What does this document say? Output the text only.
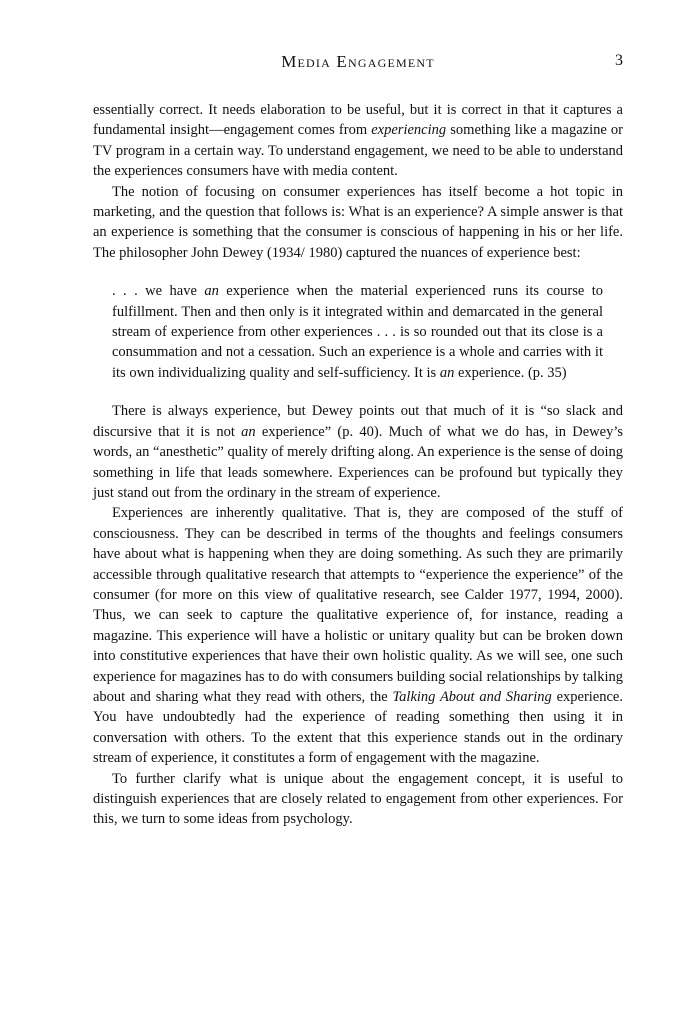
Media Engagement	3

essentially correct. It needs elaboration to be useful, but it is correct in that it captures a fundamental insight—engagement comes from experiencing something like a magazine or TV program in a certain way. To understand engagement, we need to be able to understand the experiences consumers have with media content.

The notion of focusing on consumer experiences has itself become a hot topic in marketing, and the question that follows is: What is an experience? A simple answer is that an experience is something that the consumer is conscious of happening in his or her life. The philosopher John Dewey (1934/ 1980) captured the nuances of experience best:

. . . we have an experience when the material experienced runs its course to fulfillment. Then and then only is it integrated within and demarcated in the general stream of experience from other experiences . . . is so rounded out that its close is a consummation and not a cessation. Such an experience is a whole and carries with it its own individualizing quality and self-sufficiency. It is an experience. (p. 35)

There is always experience, but Dewey points out that much of it is “so slack and discursive that it is not an experience” (p. 40). Much of what we do has, in Dewey’s words, an “anesthetic” quality of merely drifting along. An experience is the sense of doing something in life that leads somewhere. Experiences can be profound but typically they just stand out from the ordinary in the stream of experience.

Experiences are inherently qualitative. That is, they are composed of the stuff of consciousness. They can be described in terms of the thoughts and feelings consumers have about what is happening when they are doing something. As such they are primarily accessible through qualitative research that attempts to “experience the experience” of the consumer (for more on this view of qualitative research, see Calder 1977, 1994, 2000). Thus, we can seek to capture the qualitative experience of, for instance, reading a magazine. This experience will have a holistic or unitary quality but can be broken down into constitutive experiences that have their own holistic quality. As we will see, one such experience for magazines has to do with consumers building social relationships by talking about and sharing what they read with others, the Talking About and Sharing experience. You have undoubtedly had the experience of reading something then using it in conversation with others. To the extent that this experience stands out in the ordinary stream of experience, it constitutes a form of engagement with the magazine.

To further clarify what is unique about the engagement concept, it is useful to distinguish experiences that are closely related to engagement from other experiences. For this, we turn to some ideas from psychology.
